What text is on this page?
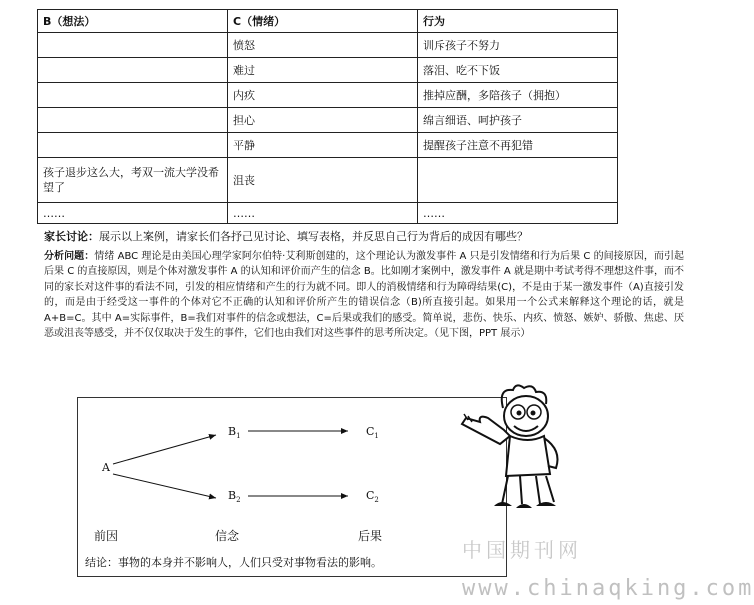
B（想法）	C（情绪）	行为
	愤怒	训斥孩子不努力
	难过	落泪、吃不下饭
	内疚	推掉应酬，多陪孩子（拥抱）
	担心	绵言细语、呵护孩子
	平静	提醒孩子注意不再犯错
孩子退步这么大，考双一流大学没希望了	沮丧	
……	……	……
家长讨论：展示以上案例，请家长们各抒己见讨论、填写表格，并反思自己行为背后的成因有哪些？
分析问题：情绪 ABC 理论是由美国心理学家阿尔伯特·艾利斯创建的，这个理论认为激发事件 A 只是引发情绪和行为后果 C 的间接原因，而引起后果 C 的直接原因，则是个体对激发事件 A 的认知和评价而产生的信念 B。比如刚才案例中，激发事件 A 就是期中考试考得不理想这件事，而不同的家长对这件事的看法不同，引发的相应情绪和产生的行为就不同。即人的消极情绪和行为障碍结果(C)，不是由于某一激发事件（A)直接引发的，而是由于经受这一事件的个体对它不正确的认知和评价所产生的错误信念（B)所直接引起。如果用一个公式来解释这个理论的话，就是 A+B=C。其中 A=实际事件，B=我们对事件的信念或想法，C=后果或我们的感受。简单说，悲伤、快乐、内疚、愤怒、嫉妒、骄傲、焦虑、厌恶或沮丧等感受，并不仅仅取决于发生的事件，它们也由我们对这些事件的思考所决定。（见下图，PPT 展示）
A
$B_1$
$B_2$
$C_1$
$C_2$
前因	信念	后果
结论：事物的本身并不影响人，人们只受对事物看法的影响。
中国期刊网
www.chinaqking.com
